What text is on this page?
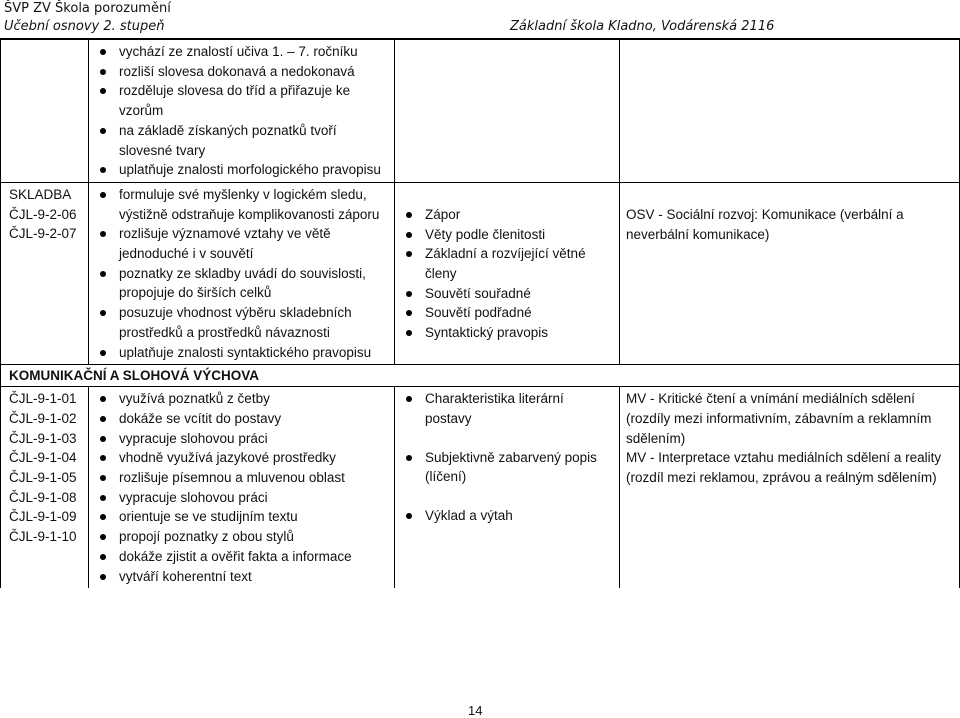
ŠVP ZV Škola porozumění
Učební osnovy 2. stupeň	Základní škola Kladno, Vodárenská 2116
vychází ze znalostí učiva 1. – 7. ročníku
rozliší slovesa dokonavá a nedokonavá
rozděluje slovesa do tříd a přiřazuje ke vzorům
na základě získaných poznatků tvoří slovesné tvary
uplatňuje znalosti morfologického pravopisu
SKLADBA
ČJL-9-2-06
ČJL-9-2-07
formuluje své myšlenky v logickém sledu, výstižně odstraňuje komplikovanosti záporu
rozlišuje významové vztahy ve větě jednoduché i v souvětí
poznatky ze skladby uvádí do souvislosti, propojuje do širších celků
posuzuje vhodnost výběru skladebních prostředků a prostředků návaznosti
uplatňuje znalosti syntaktického pravopisu
Zápor
Věty podle členitosti
Základní a rozvíjející větné členy
Souvětí souřadné
Souvětí podřadné
Syntaktický pravopis
OSV - Sociální rozvoj: Komunikace (verbální a neverbální komunikace)
KOMUNIKAČNÍ A SLOHOVÁ VÝCHOVA
ČJL-9-1-01
ČJL-9-1-02
ČJL-9-1-03
ČJL-9-1-04
ČJL-9-1-05
ČJL-9-1-08
ČJL-9-1-09
ČJL-9-1-10
využívá poznatků z četby
dokáže se vcítit do postavy
vypracuje slohovou práci
vhodně využívá jazykové prostředky
rozlišuje písemnou a mluvenou oblast
vypracuje slohovou práci
orientuje se ve studijním textu
propojí poznatky z obou stylů
dokáže zjistit a ověřit fakta a informace
vytváří koherentní text
Charakteristika literární postavy
Subjektivně zabarvený popis (líčení)
Výklad a výtah
MV - Kritické čtení a vnímání mediálních sdělení (rozdíly mezi informativním, zábavním a reklamním sdělením)
MV - Interpretace vztahu mediálních sdělení a reality (rozdíl mezi reklamou, zprávou a reálným sdělením)
14
